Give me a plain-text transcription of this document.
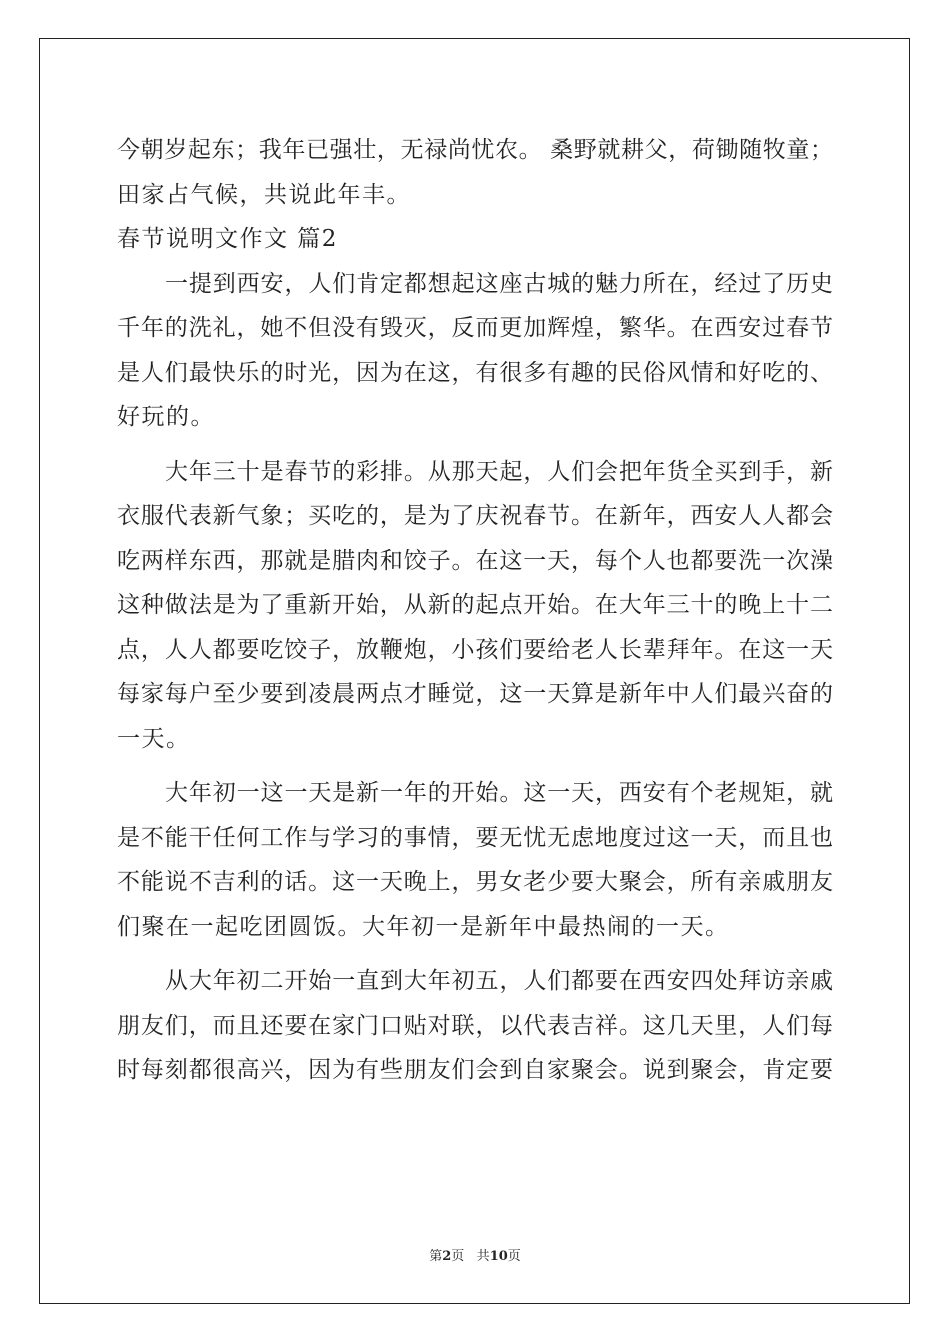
今朝岁起东；我年已强壮，无禄尚忧农。 桑野就耕父，荷锄随牧童；
田家占气候，共说此年丰。
春节说明文作文 篇2
一提到西安，人们肯定都想起这座古城的魅力所在，经过了历史
千年的洗礼，她不但没有毁灭，反而更加辉煌，繁华。在西安过春节
是人们最快乐的时光，因为在这，有很多有趣的民俗风情和好吃的、
好玩的。
大年三十是春节的彩排。从那天起，人们会把年货全买到手，新
衣服代表新气象；买吃的，是为了庆祝春节。在新年，西安人人都会
吃两样东西，那就是腊肉和饺子。在这一天，每个人也都要洗一次澡
这种做法是为了重新开始，从新的起点开始。在大年三十的晚上十二
点，人人都要吃饺子，放鞭炮，小孩们要给老人长辈拜年。在这一天
每家每户至少要到凌晨两点才睡觉，这一天算是新年中人们最兴奋的
一天。
大年初一这一天是新一年的开始。这一天，西安有个老规矩，就
是不能干任何工作与学习的事情，要无忧无虑地度过这一天，而且也
不能说不吉利的话。这一天晚上，男女老少要大聚会，所有亲戚朋友
们聚在一起吃团圆饭。大年初一是新年中最热闹的一天。
从大年初二开始一直到大年初五，人们都要在西安四处拜访亲戚
朋友们，而且还要在家门口贴对联，以代表吉祥。这几天里，人们每
时每刻都很高兴，因为有些朋友们会到自家聚会。说到聚会，肯定要
第2页 共10页
